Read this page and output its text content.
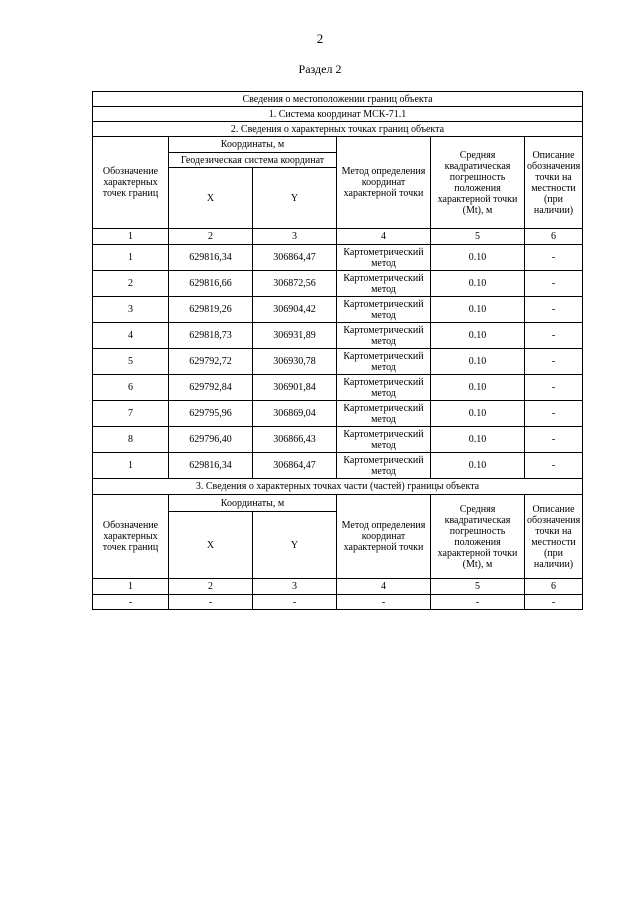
2
Раздел 2
Сведения о местоположении границ объекта					
1. Система координат МСК-71.1					
2. Сведения о характерных точках границ объекта					
Обозначение характерных точек границ	Координаты, м		Метод определения координат характерной точки	Средняя квадратическая погрешность положения характерной точки (Mt), м	Описание обозначения точки на местности (при наличии)
	Геодезическая система координат				
	X	Y			
1	2	3	4	5	6
1	629816,34	306864,47	Картометрический метод	0.10	-
2	629816,66	306872,56	Картометрический метод	0.10	-
3	629819,26	306904,42	Картометрический метод	0.10	-
4	629818,73	306931,89	Картометрический метод	0.10	-
5	629792,72	306930,78	Картометрический метод	0.10	-
6	629792,84	306901,84	Картометрический метод	0.10	-
7	629795,96	306869,04	Картометрический метод	0.10	-
8	629796,40	306866,43	Картометрический метод	0.10	-
1	629816,34	306864,47	Картометрический метод	0.10	-
3. Сведения о характерных точках части (частей) границы объекта					
Обозначение характерных точек границ	Координаты, м		Метод определения координат характерной точки	Средняя квадратическая погрешность положения характерной точки (Mt), м	Описание обозначения точки на местности (при наличии)
	X	Y			
1	2	3	4	5	6
-	-	-	-	-	-
